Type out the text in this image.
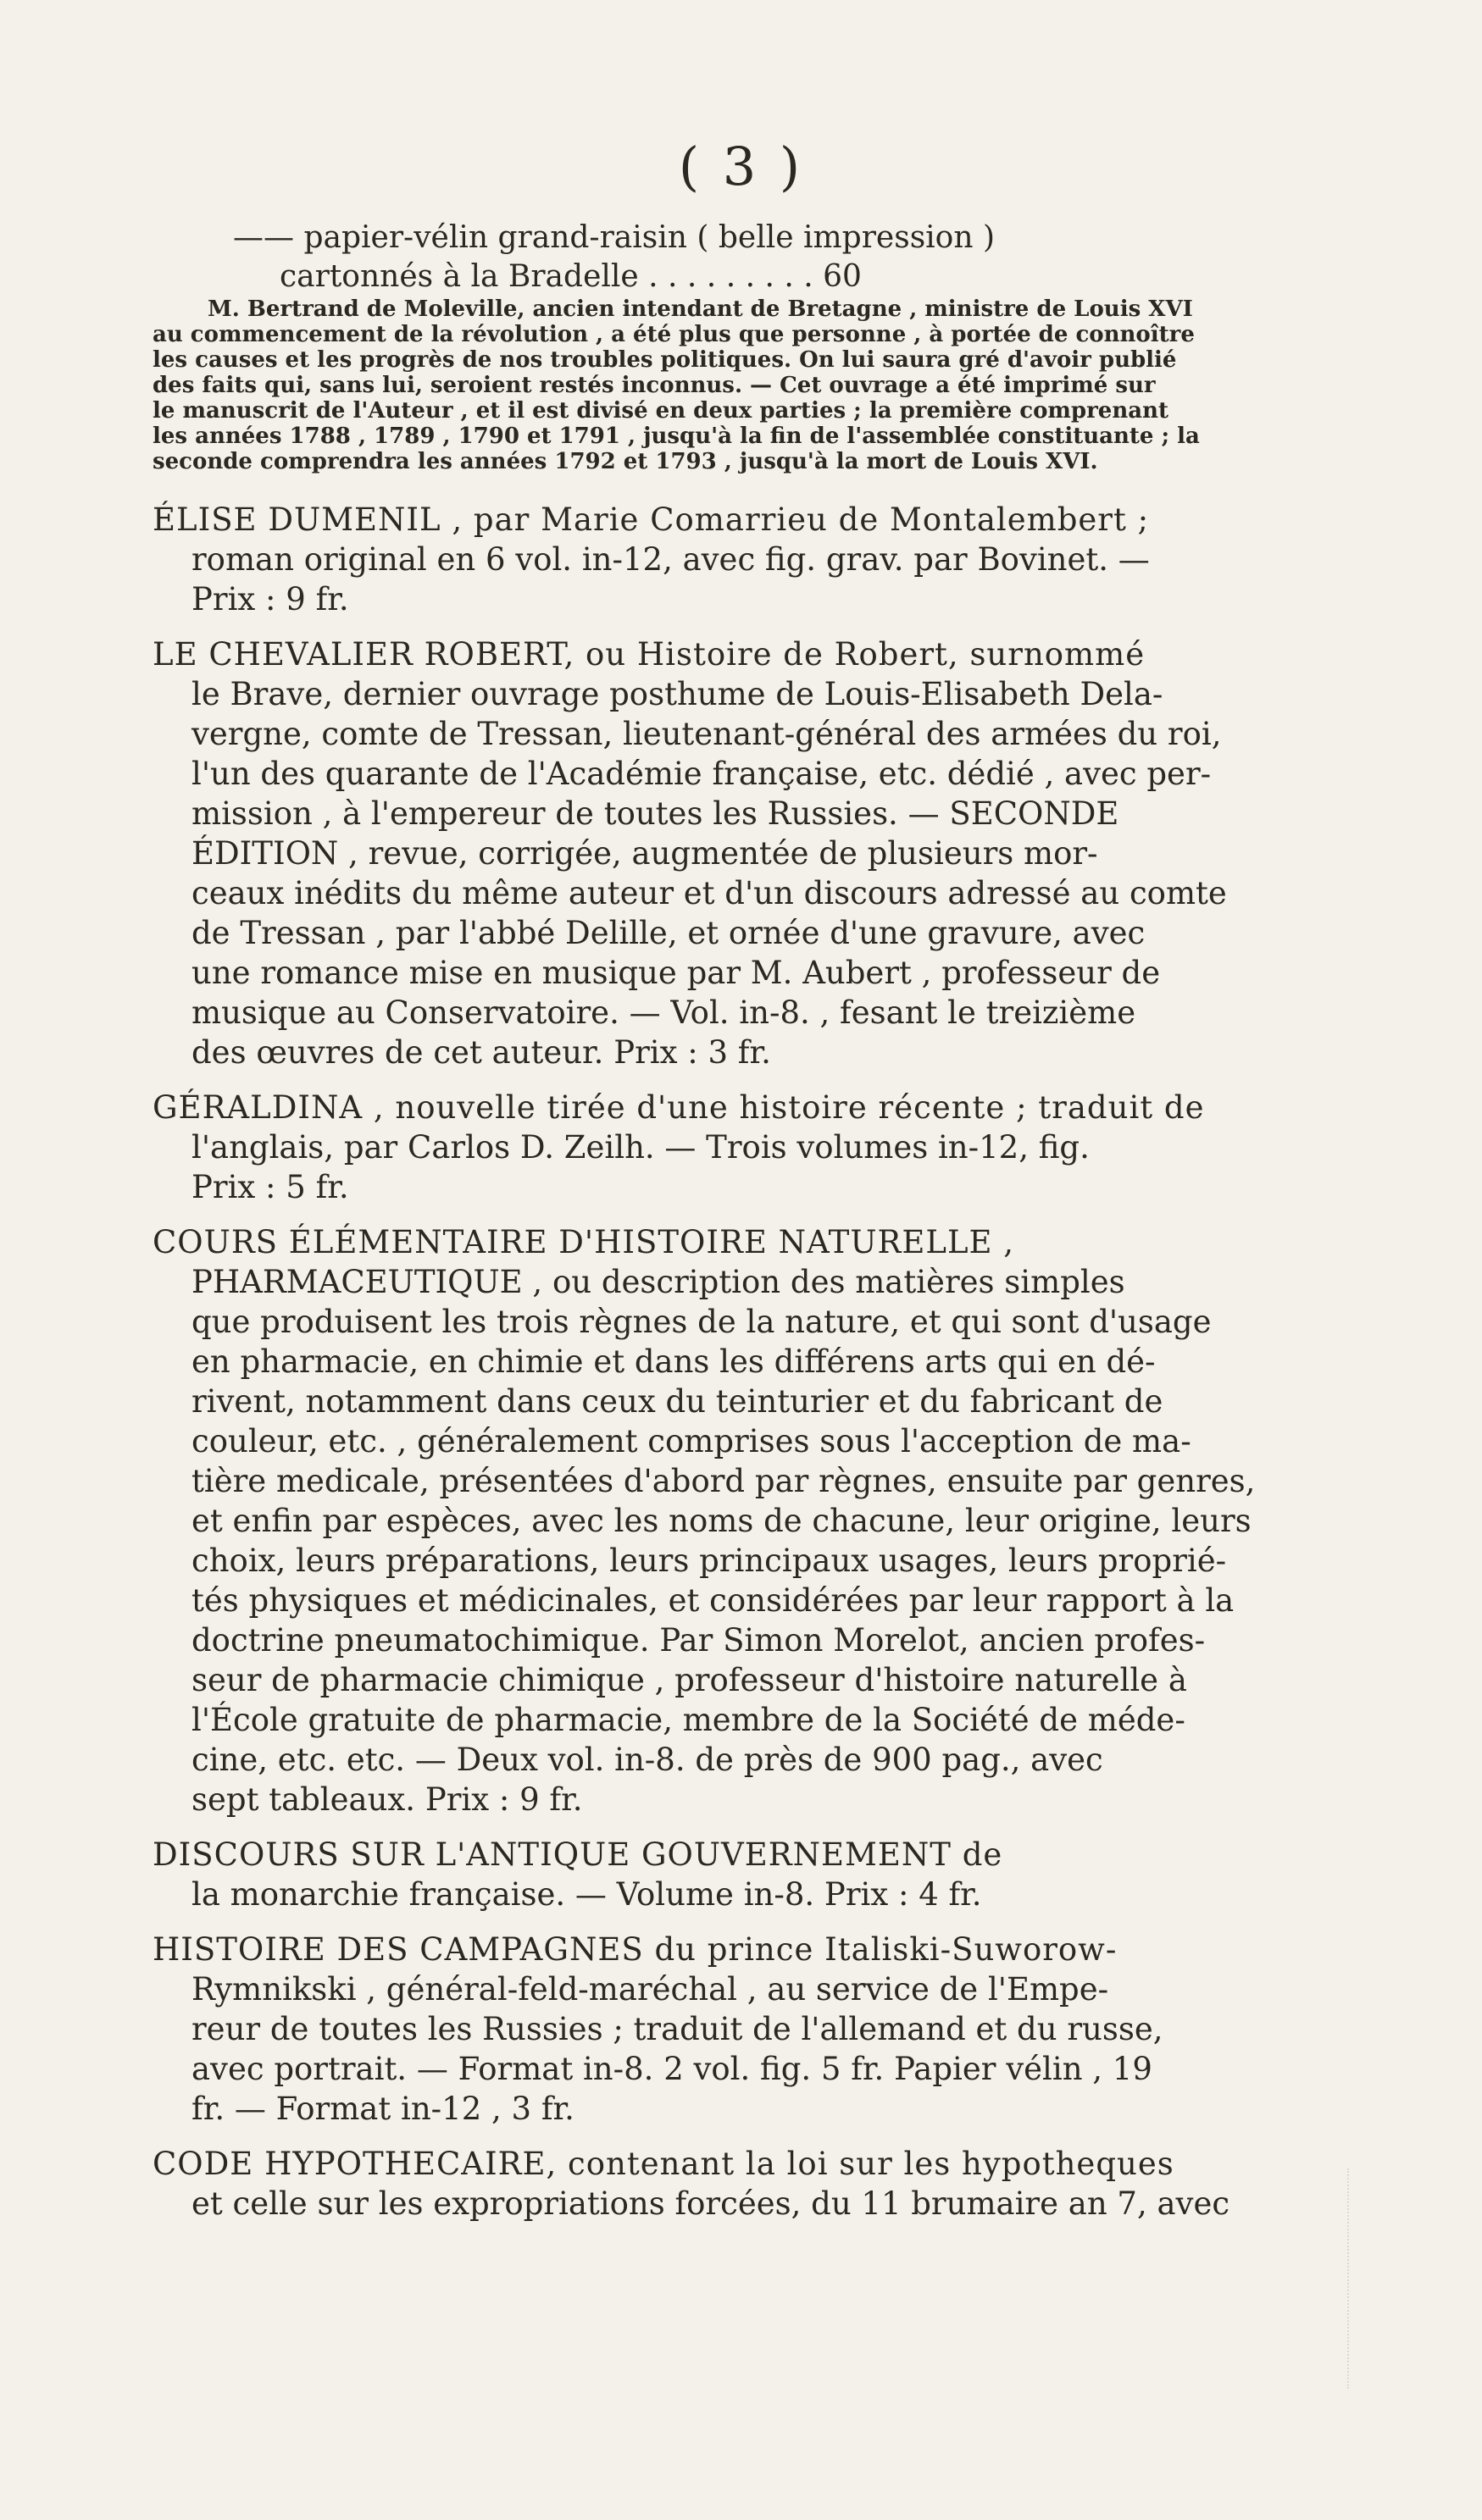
( 3 )
—— papier-vélin grand-raisin ( belle impression )
cartonnés à la Bradelle . . . . . . . . . 60
M. Bertrand de Moleville, ancien intendant de Bretagne , ministre de Louis XVI
au commencement de la révolution , a été plus que personne , à portée de connoître
les causes et les progrès de nos troubles politiques. On lui saura gré d'avoir publié
des faits qui, sans lui, seroient restés inconnus. — Cet ouvrage a été imprimé sur
le manuscrit de l'Auteur , et il est divisé en deux parties ; la première comprenant
les années 1788 , 1789 , 1790 et 1791 , jusqu'à la fin de l'assemblée constituante ; la
seconde comprendra les années 1792 et 1793 , jusqu'à la mort de Louis XVI.
ÉLISE DUMENIL , par Marie Comarrieu de Montalembert ;
roman original en 6 vol. in-12, avec fig. grav. par Bovinet. —
Prix : 9 fr.
LE CHEVALIER ROBERT, ou Histoire de Robert, surnommé
le Brave, dernier ouvrage posthume de Louis-Elisabeth Dela-
vergne, comte de Tressan, lieutenant-général des armées du roi,
l'un des quarante de l'Académie française, etc. dédié , avec per-
mission , à l'empereur de toutes les Russies. — SECONDE
ÉDITION , revue, corrigée, augmentée de plusieurs mor-
ceaux inédits du même auteur et d'un discours adressé au comte
de Tressan , par l'abbé Delille, et ornée d'une gravure, avec
une romance mise en musique par M. Aubert , professeur de
musique au Conservatoire. — Vol. in-8. , fesant le treizième
des œuvres de cet auteur. Prix : 3 fr.
GÉRALDINA , nouvelle tirée d'une histoire récente ; traduit de
l'anglais, par Carlos D. Zeilh. — Trois volumes in-12, fig.
Prix : 5 fr.
COURS ÉLÉMENTAIRE D'HISTOIRE NATURELLE ,
PHARMACEUTIQUE , ou description des matières simples
que produisent les trois règnes de la nature, et qui sont d'usage
en pharmacie, en chimie et dans les différens arts qui en dé-
rivent, notamment dans ceux du teinturier et du fabricant de
couleur, etc. , généralement comprises sous l'acception de ma-
tière medicale, présentées d'abord par règnes, ensuite par genres,
et enfin par espèces, avec les noms de chacune, leur origine, leurs
choix, leurs préparations, leurs principaux usages, leurs proprié-
tés physiques et médicinales, et considérées par leur rapport à la
doctrine pneumatochimique. Par Simon Morelot, ancien profes-
seur de pharmacie chimique , professeur d'histoire naturelle à
l'École gratuite de pharmacie, membre de la Société de méde-
cine, etc. etc. — Deux vol. in-8. de près de 900 pag., avec
sept tableaux. Prix : 9 fr.
DISCOURS SUR L'ANTIQUE GOUVERNEMENT de
la monarchie française. — Volume in-8. Prix : 4 fr.
HISTOIRE DES CAMPAGNES du prince Italiski-Suworow-
Rymnikski , général-feld-maréchal , au service de l'Empe-
reur de toutes les Russies ; traduit de l'allemand et du russe,
avec portrait. — Format in-8. 2 vol. fig. 5 fr. Papier vélin , 19
fr. — Format in-12 , 3 fr.
CODE HYPOTHECAIRE, contenant la loi sur les hypotheques
et celle sur les expropriations forcées, du 11 brumaire an 7, avec
